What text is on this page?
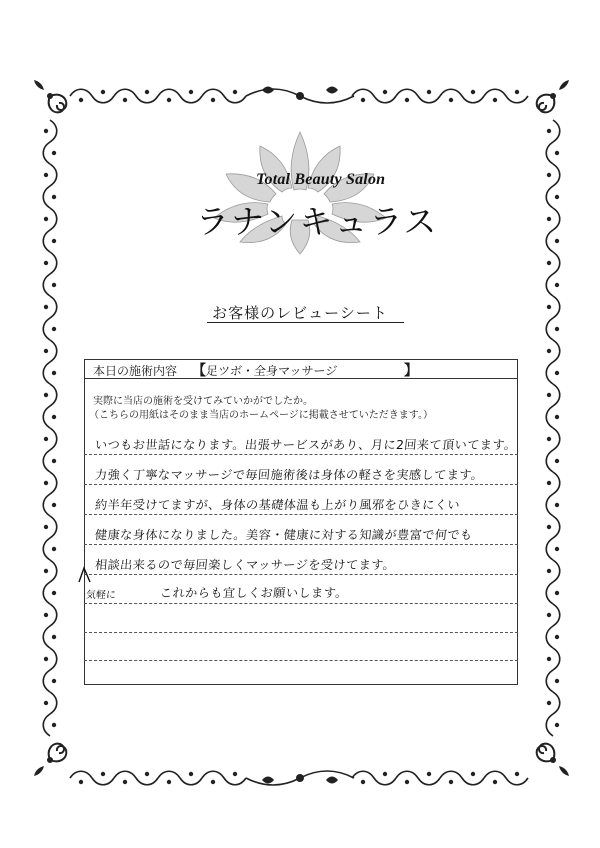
Total Beauty Salon
ラナンキュラス
お客様のレビューシート
本日の施術内容 【 足ツボ・全身マッサージ	】
実際に当店の施術を受けてみていかがでしたか。
（こちらの用紙はそのまま当店のホームページに掲載させていただきます。）
いつもお世話になります。出張サービスがあり、月に2回来て頂いてます。
力強く丁寧なマッサージで毎回施術後は身体の軽さを実感してます。
約半年受けてますが、身体の基礎体温も上がり風邪をひきにくい
健康な身体になりました。美容・健康に対する知識が豊富で何でも
相談出来るので毎回楽しくマッサージを受けてます。
これからも宜しくお願いします。
気軽に
